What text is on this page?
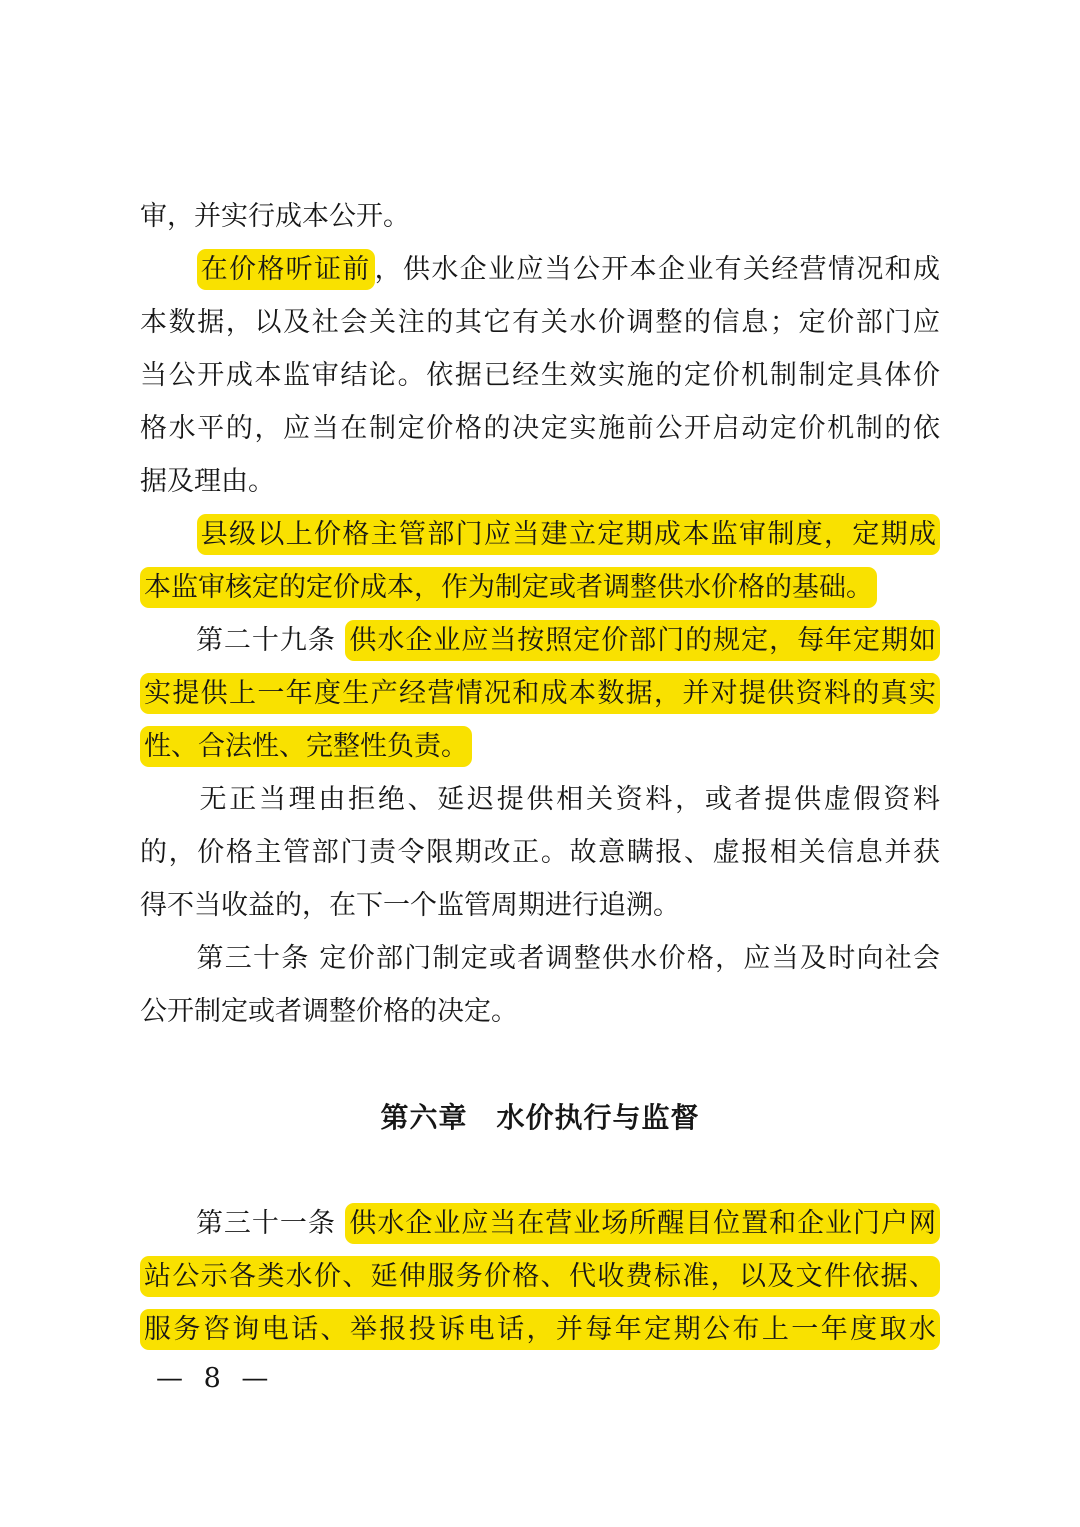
审，并实行成本公开。
　　在价格听证前 ，供水企业应当公开本企业有关经营情况和成
本数据，以及社会关注的其它有关水价调整的信息；定价部门应
当公开成本监审结论。依据已经生效实施的定价机制制定具体价
格水平的，应当在制定价格的决定实施前公开启动定价机制的依
据及理由。
　　县级以上价格主管部门应当建立定期成本监审制度，定期成
本监审核定的定价成本，作为制定或者调整供水价格的基础。
　　第二十九条 供水企业应当按照定价部门的规定，每年定期如
实提供上一年度生产经营情况和成本数据，并对提供资料的真实
性、合法性、完整性负责。
　　无正当理由拒绝、延迟提供相关资料，或者提供虚假资料
的，价格主管部门责令限期改正。故意瞒报、虚报相关信息并获
得不当收益的，在下一个监管周期进行追溯。
　　第三十条 定价部门制定或者调整供水价格，应当及时向社会
公开制定或者调整价格的决定。
第六章　水价执行与监督
　　第三十一条 供水企业应当在营业场所醒目位置和企业门户网
站公示各类水价、延伸服务价格、代收费标准，以及文件依据、
服务咨询电话、举报投诉电话，并每年定期公布上一年度取水
— 8 —
